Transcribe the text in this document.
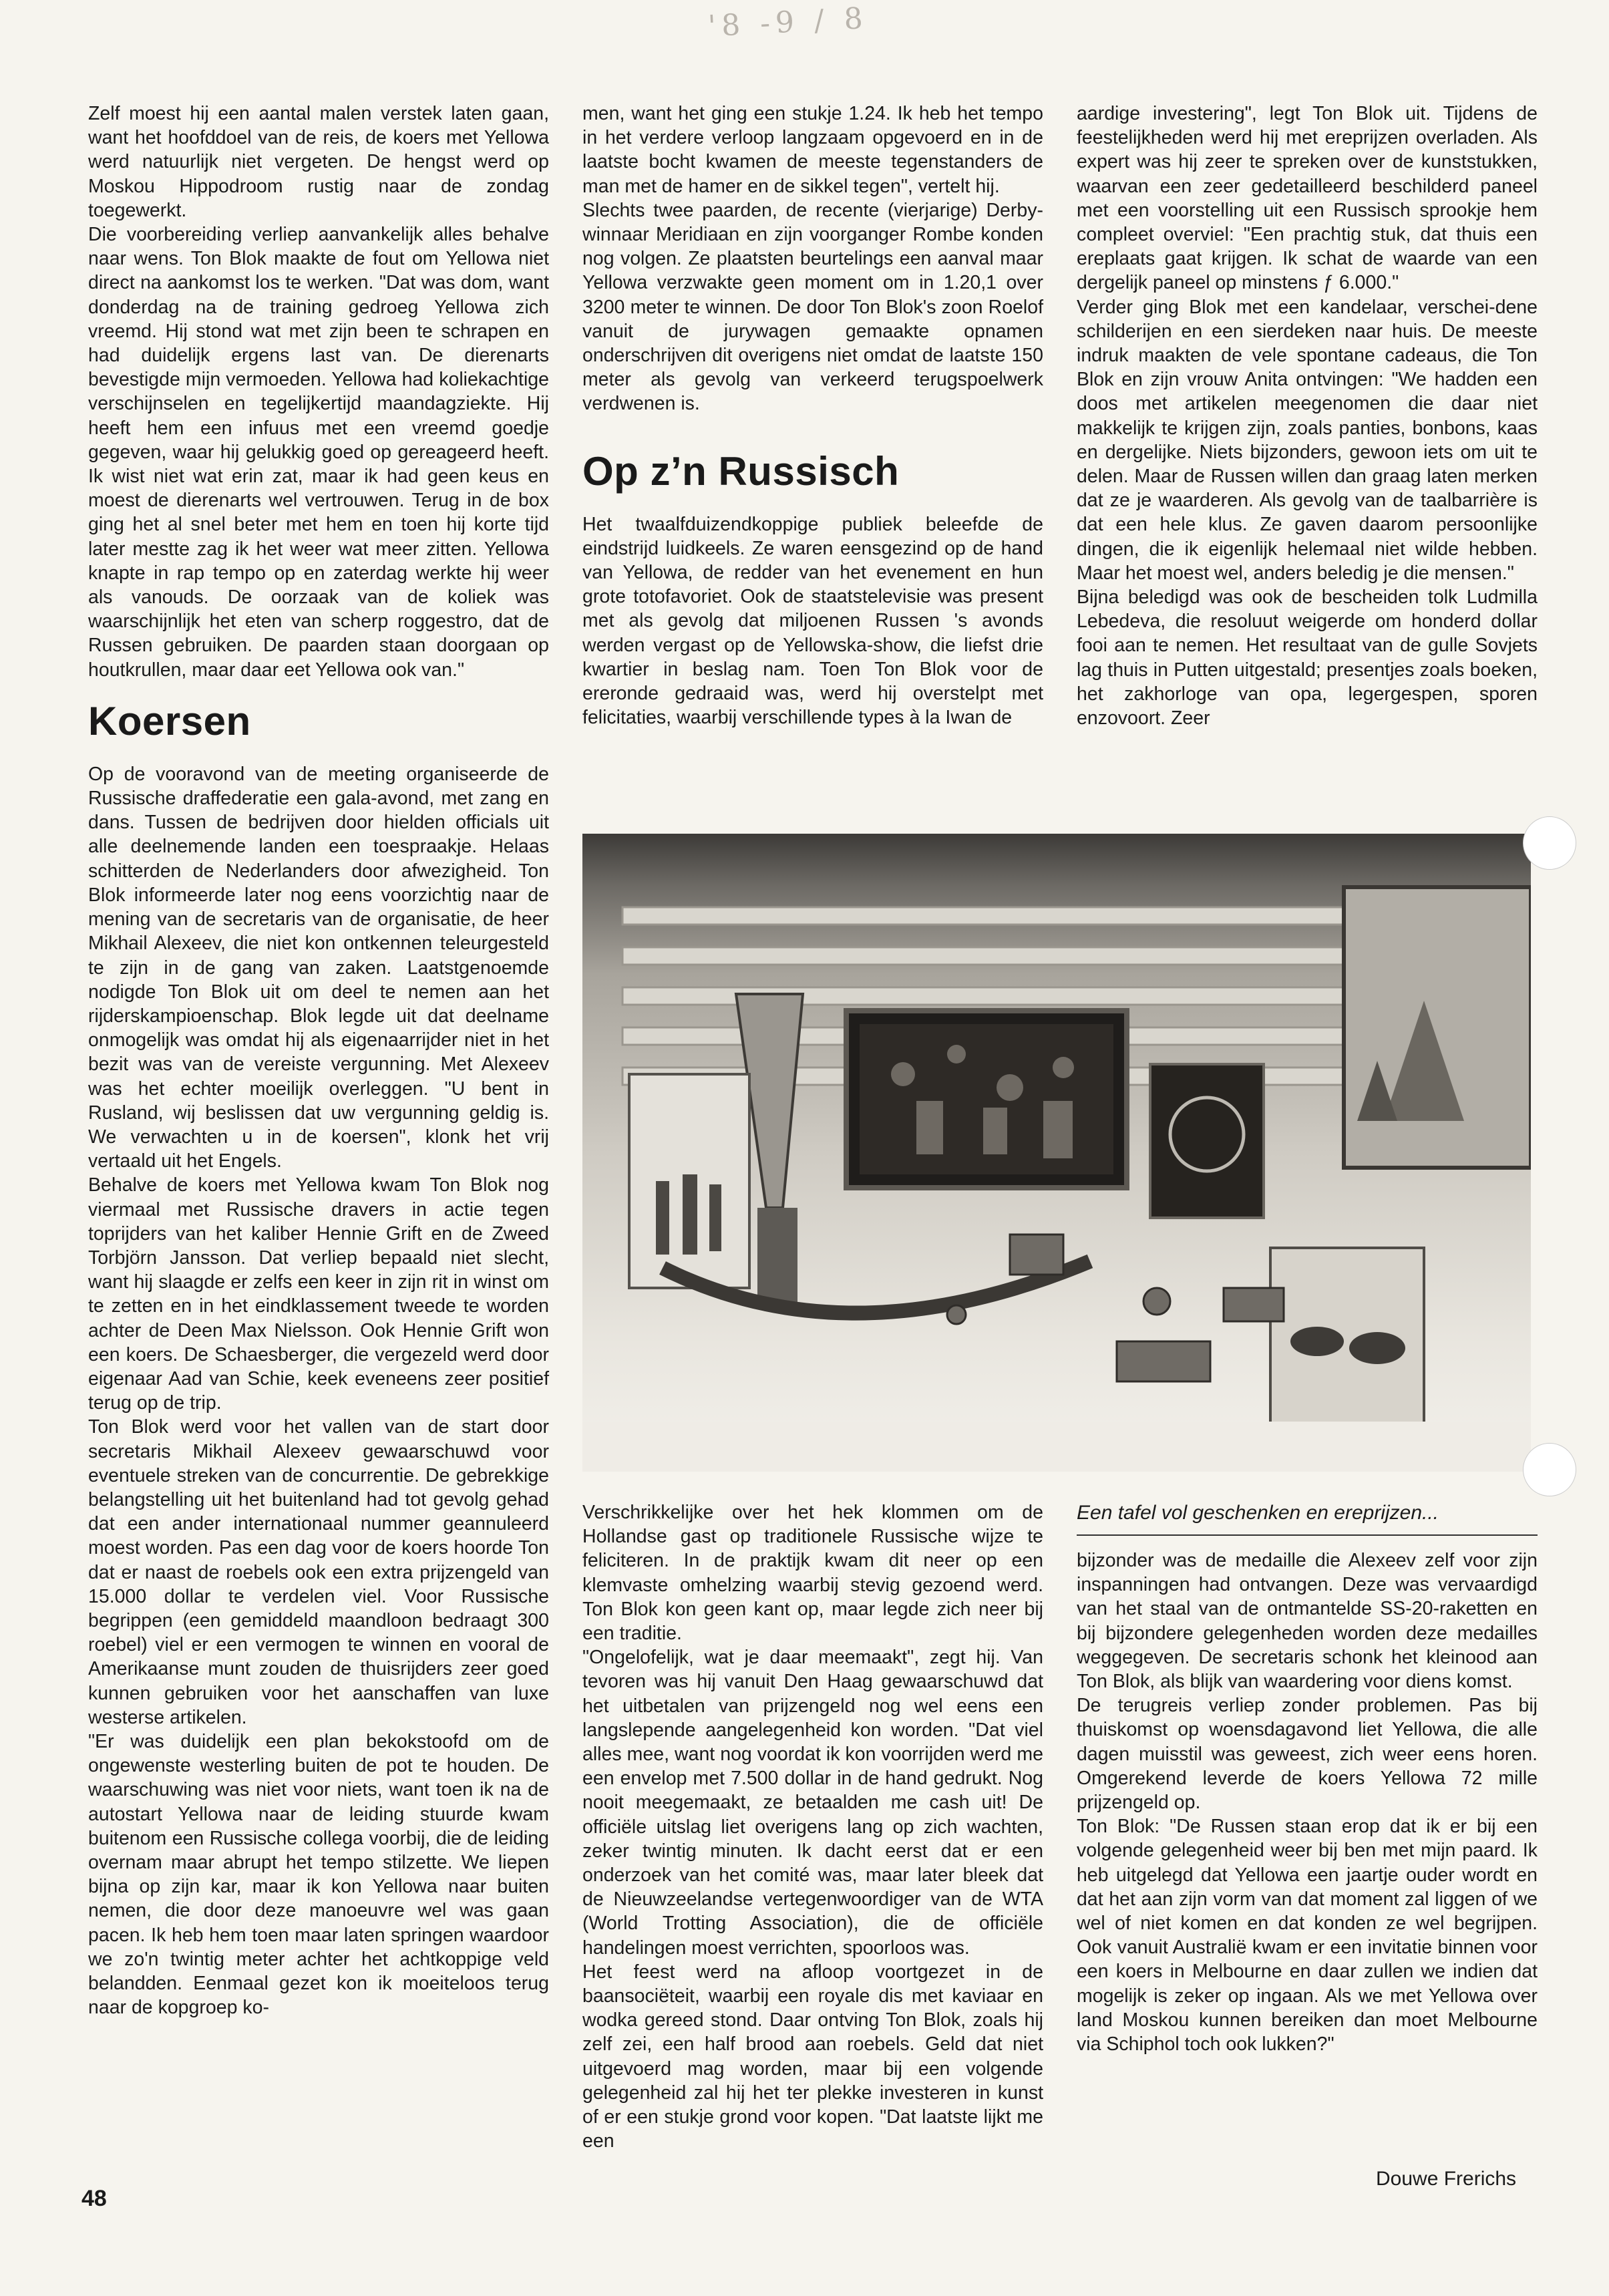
'8 -9 / 8

Zelf moest hij een aantal malen verstek laten gaan, want het hoofddoel van de reis, de koers met Yellowa werd natuurlijk niet vergeten. De hengst werd op Moskou Hippodroom rustig naar de zondag toegewerkt.

Die voorbereiding verliep aanvankelijk alles behalve naar wens. Ton Blok maakte de fout om Yellowa niet direct na aankomst los te werken. "Dat was dom, want donderdag na de training gedroeg Yellowa zich vreemd. Hij stond wat met zijn been te schrapen en had duidelijk ergens last van. De dierenarts bevestigde mijn vermoeden. Yellowa had koliekachtige verschijnselen en tegelijkertijd maandagziekte. Hij heeft hem een infuus met een vreemd goedje gegeven, waar hij gelukkig goed op gereageerd heeft. Ik wist niet wat erin zat, maar ik had geen keus en moest de dierenarts wel vertrouwen. Terug in de box ging het al snel beter met hem en toen hij korte tijd later mestte zag ik het weer wat meer zitten. Yellowa knapte in rap tempo op en zaterdag werkte hij weer als vanouds. De oorzaak van de koliek was waarschijnlijk het eten van scherp roggestro, dat de Russen gebruiken. De paarden staan doorgaan op houtkrullen, maar daar eet Yellowa ook van."

Koersen

Op de vooravond van de meeting organiseerde de Russische draffederatie een gala-avond, met zang en dans. Tussen de bedrijven door hielden officials uit alle deelnemende landen een toespraakje. Helaas schitterden de Nederlanders door afwezigheid. Ton Blok informeerde later nog eens voorzichtig naar de mening van de secretaris van de organisatie, de heer Mikhail Alexeev, die niet kon ontkennen teleurgesteld te zijn in de gang van zaken. Laatstgenoemde nodigde Ton Blok uit om deel te nemen aan het rijderskampioenschap. Blok legde uit dat deelname onmogelijk was omdat hij als eigenaarrijder niet in het bezit was van de vereiste vergunning. Met Alexeev was het echter moeilijk overleggen. "U bent in Rusland, wij beslissen dat uw vergunning geldig is. We verwachten u in de koersen", klonk het vrij vertaald uit het Engels.

Behalve de koers met Yellowa kwam Ton Blok nog viermaal met Russische dravers in actie tegen toprijders van het kaliber Hennie Grift en de Zweed Torbjörn Jansson. Dat verliep bepaald niet slecht, want hij slaagde er zelfs een keer in zijn rit in winst om te zetten en in het eindklassement tweede te worden achter de Deen Max Nielsson. Ook Hennie Grift won een koers. De Schaesberger, die vergezeld werd door eigenaar Aad van Schie, keek eveneens zeer positief terug op de trip.

Ton Blok werd voor het vallen van de start door secretaris Mikhail Alexeev gewaarschuwd voor eventuele streken van de concurrentie. De gebrekkige belangstelling uit het buitenland had tot gevolg gehad dat een ander internationaal nummer geannuleerd moest worden. Pas een dag voor de koers hoorde Ton dat er naast de roebels ook een extra prijzengeld van 15.000 dollar te verdelen viel. Voor Russische begrippen (een gemiddeld maandloon bedraagt 300 roebel) viel er een vermogen te winnen en vooral de Amerikaanse munt zouden de thuisrijders zeer goed kunnen gebruiken voor het aanschaffen van luxe westerse artikelen.

"Er was duidelijk een plan bekokstoofd om de ongewenste westerling buiten de pot te houden. De waarschuwing was niet voor niets, want toen ik na de autostart Yellowa naar de leiding stuurde kwam buitenom een Russische collega voorbij, die de leiding overnam maar abrupt het tempo stilzette. We liepen bijna op zijn kar, maar ik kon Yellowa naar buiten nemen, die door deze manoeuvre wel was gaan pacen. Ik heb hem toen maar laten springen waardoor we zo'n twintig meter achter het achtkoppige veld belandden. Eenmaal gezet kon ik moeiteloos terug naar de kopgroep ko-

men, want het ging een stukje 1.24. Ik heb het tempo in het verdere verloop langzaam opgevoerd en in de laatste bocht kwamen de meeste tegenstanders de man met de hamer en de sikkel tegen", vertelt hij.

Slechts twee paarden, de recente (vierjarige) Derby-winnaar Meridiaan en zijn voorganger Rombe konden nog volgen. Ze plaatsten beurtelings een aanval maar Yellowa verzwakte geen moment om in 1.20,1 over 3200 meter te winnen. De door Ton Blok's zoon Roelof vanuit de jurywagen gemaakte opnamen onderschrijven dit overigens niet omdat de laatste 150 meter als gevolg van verkeerd terugspoelwerk verdwenen is.

Op z’n Russisch

Het twaalfduizendkoppige publiek beleefde de eindstrijd luidkeels. Ze waren eensgezind op de hand van Yellowa, de redder van het evenement en hun grote totofavoriet. Ook de staatstelevisie was present met als gevolg dat miljoenen Russen 's avonds werden vergast op de Yellowska-show, die liefst drie kwartier in beslag nam. Toen Ton Blok voor de ereronde gedraaid was, werd hij overstelpt met felicitaties, waarbij verschillende types à la Iwan de

aardige investering", legt Ton Blok uit. Tijdens de feestelijkheden werd hij met ereprijzen overladen. Als expert was hij zeer te spreken over de kunststukken, waarvan een zeer gedetailleerd beschilderd paneel met een voorstelling uit een Russisch sprookje hem compleet overviel: "Een prachtig stuk, dat thuis een ereplaats gaat krijgen. Ik schat de waarde van een dergelijk paneel op minstens ƒ 6.000."

Verder ging Blok met een kandelaar, verschei-dene schilderijen en een sierdeken naar huis. De meeste indruk maakten de vele spontane cadeaus, die Ton Blok en zijn vrouw Anita ontvingen: "We hadden een doos met artikelen meegenomen die daar niet makkelijk te krijgen zijn, zoals panties, bonbons, kaas en dergelijke. Niets bijzonders, gewoon iets om uit te delen. Maar de Russen willen dan graag laten merken dat ze je waarderen. Als gevolg van de taalbarrière is dat een hele klus. Ze gaven daarom persoonlijke dingen, die ik eigenlijk helemaal niet wilde hebben. Maar het moest wel, anders beledig je die mensen."

Bijna beledigd was ook de bescheiden tolk Ludmilla Lebedeva, die resoluut weigerde om honderd dollar fooi aan te nemen. Het resultaat van de gulle Sovjets lag thuis in Putten uitgestald; presentjes zoals boeken, het zakhorloge van opa, legergespen, sporen enzovoort. Zeer

Verschrikkelijke over het hek klommen om de Hollandse gast op traditionele Russische wijze te feliciteren. In de praktijk kwam dit neer op een klemvaste omhelzing waarbij stevig gezoend werd. Ton Blok kon geen kant op, maar legde zich neer bij een traditie.

"Ongelofelijk, wat je daar meemaakt", zegt hij. Van tevoren was hij vanuit Den Haag gewaarschuwd dat het uitbetalen van prijzengeld nog wel eens een langslepende aangelegenheid kon worden. "Dat viel alles mee, want nog voordat ik kon voorrijden werd me een envelop met 7.500 dollar in de hand gedrukt. Nog nooit meegemaakt, ze betaalden me cash uit! De officiële uitslag liet overigens lang op zich wachten, zeker twintig minuten. Ik dacht eerst dat er een onderzoek van het comité was, maar later bleek dat de Nieuwzeelandse vertegenwoordiger van de WTA (World Trotting Association), die de officiële handelingen moest verrichten, spoorloos was.

Het feest werd na afloop voortgezet in de baansociëteit, waarbij een royale dis met kaviaar en wodka gereed stond. Daar ontving Ton Blok, zoals hij zelf zei, een half brood aan roebels. Geld dat niet uitgevoerd mag worden, maar bij een volgende gelegenheid zal hij het ter plekke investeren in kunst of er een stukje grond voor kopen. "Dat laatste lijkt me een

Een tafel vol geschenken en ereprijzen...

bijzonder was de medaille die Alexeev zelf voor zijn inspanningen had ontvangen. Deze was vervaardigd van het staal van de ontmantelde SS-20-raketten en bij bijzondere gelegenheden worden deze medailles weggegeven. De secretaris schonk het kleinood aan Ton Blok, als blijk van waardering voor diens komst.

De terugreis verliep zonder problemen. Pas bij thuiskomst op woensdagavond liet Yellowa, die alle dagen muisstil was geweest, zich weer eens horen. Omgerekend leverde de koers Yellowa 72 mille prijzengeld op.

Ton Blok: "De Russen staan erop dat ik er bij een volgende gelegenheid weer bij ben met mijn paard. Ik heb uitgelegd dat Yellowa een jaartje ouder wordt en dat het aan zijn vorm van dat moment zal liggen of we wel of niet komen en dat konden ze wel begrijpen. Ook vanuit Australië kwam er een invitatie binnen voor een koers in Melbourne en daar zullen we indien dat mogelijk is zeker op ingaan. Als we met Yellowa over land Moskou kunnen bereiken dan moet Melbourne via Schiphol toch ook lukken?"

Douwe Frerichs
48
